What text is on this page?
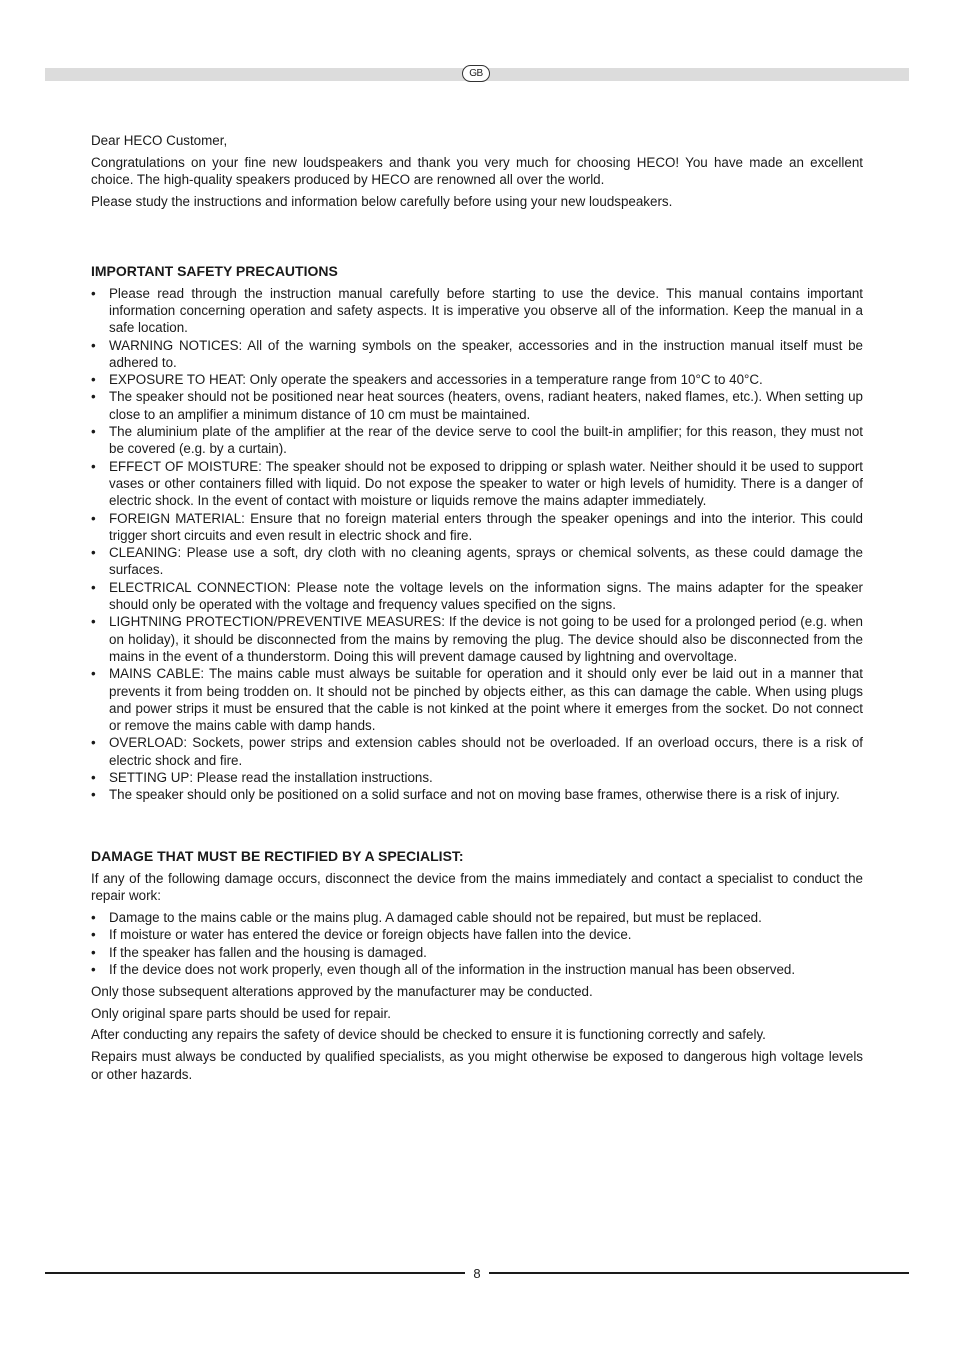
GB

Dear HECO Customer,

Congratulations on your fine new loudspeakers and thank you very much for choosing HECO! You have made an excellent choice. The high-quality speakers produced by HECO are renowned all over the world.

Please study the instructions and information below carefully before using your new loudspeakers.

IMPORTANT SAFETY PRECAUTIONS
• Please read through the instruction manual carefully before starting to use the device. This manual contains important information concerning operation and safety aspects. It is imperative you observe all of the information. Keep the manual in a safe location.
• WARNING NOTICES: All of the warning symbols on the speaker, accessories and in the instruction manual itself must be adhered to.
• EXPOSURE TO HEAT: Only operate the speakers and accessories in a temperature range from 10°C to 40°C.
• The speaker should not be positioned near heat sources (heaters, ovens, radiant heaters, naked flames, etc.). When setting up close to an amplifier a minimum distance of 10 cm must be maintained.
• The aluminium plate of the amplifier at the rear of the device serve to cool the built-in amplifier; for this reason, they must not be covered (e.g. by a curtain).
• EFFECT OF MOISTURE: The speaker should not be exposed to dripping or splash water. Neither should it be used to support vases or other containers filled with liquid. Do not expose the speaker to water or high levels of humidity. There is a danger of electric shock. In the event of contact with moisture or liquids remove the mains adapter immediately.
• FOREIGN MATERIAL: Ensure that no foreign material enters through the speaker openings and into the interior. This could trigger short circuits and even result in electric shock and fire.
• CLEANING: Please use a soft, dry cloth with no cleaning agents, sprays or chemical solvents, as these could damage the surfaces.
• ELECTRICAL CONNECTION: Please note the voltage levels on the information signs. The mains adapter for the speaker should only be operated with the voltage and frequency values specified on the signs.
• LIGHTNING PROTECTION/PREVENTIVE MEASURES: If the device is not going to be used for a prolonged period (e.g. when on holiday), it should be disconnected from the mains by removing the plug. The device should also be disconnected from the mains in the event of a thunderstorm. Doing this will prevent damage caused by lightning and overvoltage.
• MAINS CABLE: The mains cable must always be suitable for operation and it should only ever be laid out in a manner that prevents it from being trodden on. It should not be pinched by objects either, as this can damage the cable. When using plugs and power strips it must be ensured that the cable is not kinked at the point where it emerges from the socket. Do not connect or remove the mains cable with damp hands.
• OVERLOAD: Sockets, power strips and extension cables should not be overloaded. If an overload occurs, there is a risk of electric shock and fire.
• SETTING UP: Please read the installation instructions.
• The speaker should only be positioned on a solid surface and not on moving base frames, otherwise there is a risk of injury.
DAMAGE THAT MUST BE RECTIFIED BY A SPECIALIST:

If any of the following damage occurs, disconnect the device from the mains immediately and contact a specialist to conduct the repair work:

• Damage to the mains cable or the mains plug. A damaged cable should not be repaired, but must be replaced.
• If moisture or water has entered the device or foreign objects have fallen into the device.
• If the speaker has fallen and the housing is damaged.
• If the device does not work properly, even though all of the information in the instruction manual has been observed.

Only those subsequent alterations approved by the manufacturer may be conducted.

Only original spare parts should be used for repair.

After conducting any repairs the safety of device should be checked to ensure it is functioning correctly and safely.

Repairs must always be conducted by qualified specialists, as you might otherwise be exposed to dangerous high voltage levels or other hazards.

8
